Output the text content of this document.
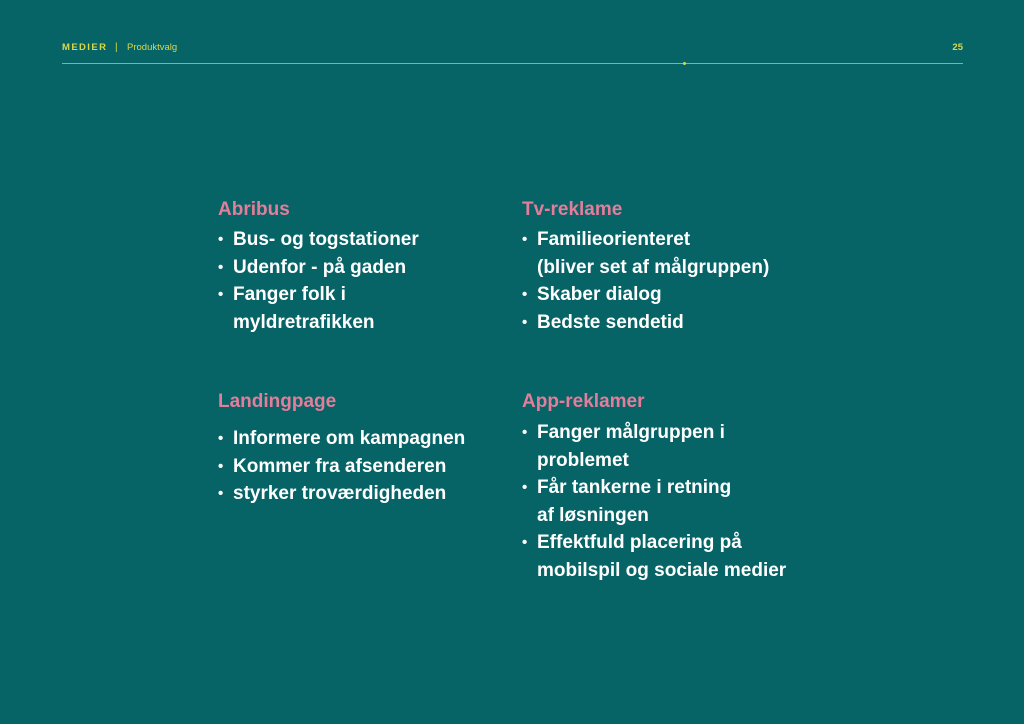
MEDIER | Produktvalg	25
Abribus
• Bus- og togstationer
• Udenfor - på gaden
• Fanger folk i
myldretrafikken
Tv-reklame
• Familieorienteret
(bliver set af målgruppen)
• Skaber dialog
• Bedste sendetid
Landingpage
• Informere om kampagnen
• Kommer fra afsenderen
• styrker troværdigheden
App-reklamer
• Fanger målgruppen i
problemet
• Får tankerne i retning
af løsningen
• Effektfuld placering på
mobilspil og sociale medier
